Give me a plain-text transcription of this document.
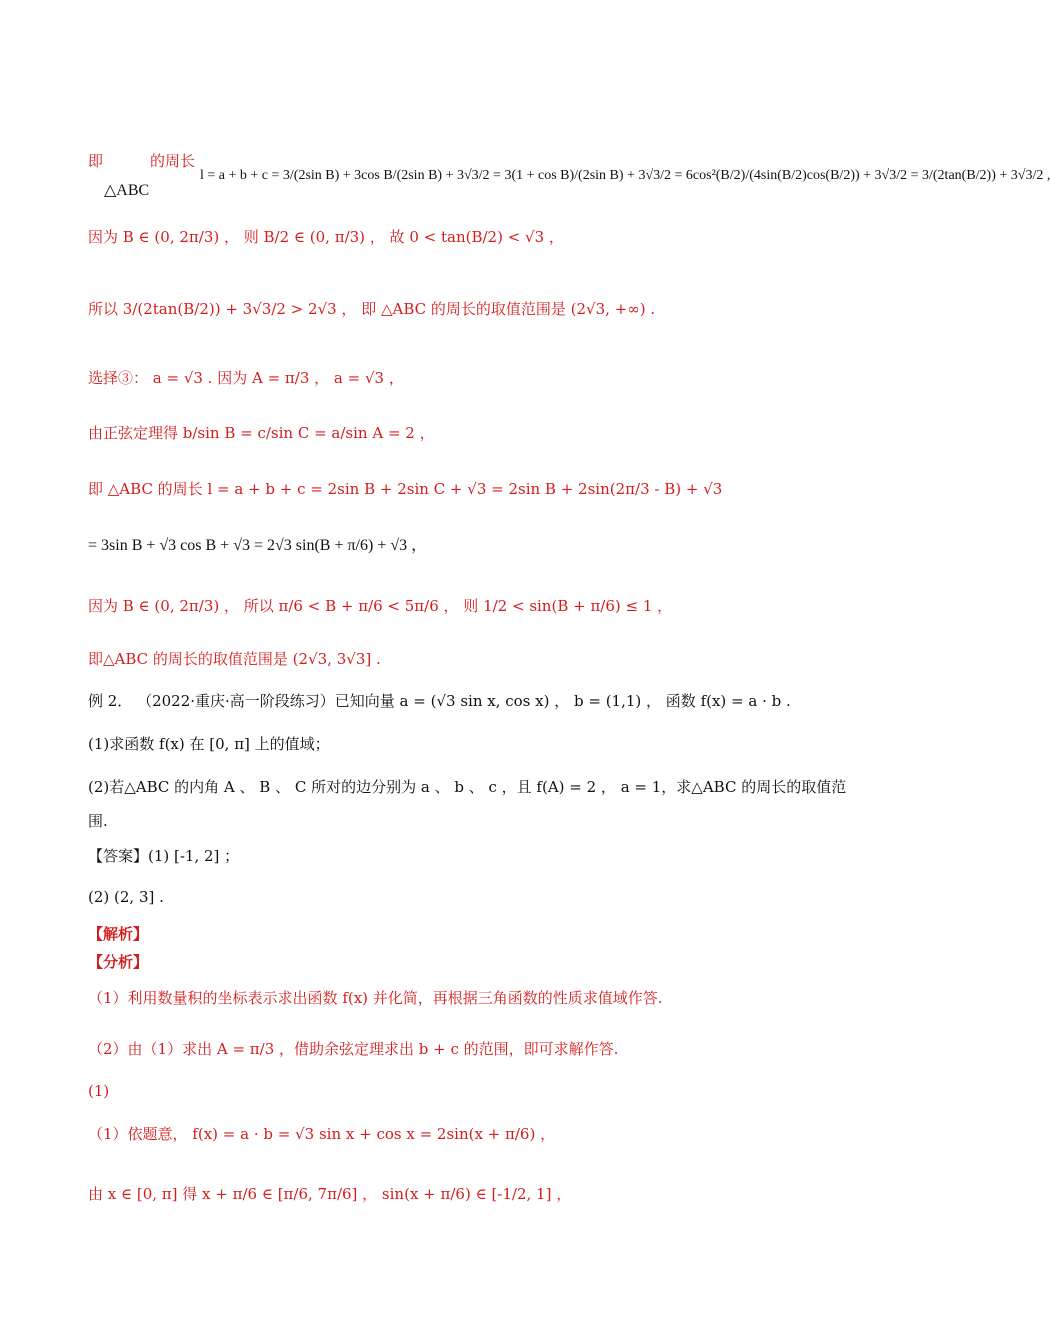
即
△ABC
的周长
l = a + b + c = 3/(2sin B) + 3cos B/(2sin B) + 3√3/2 = 3(1 + cos B)/(2sin B) + 3√3/2 = 6cos²(B/2)/(4sin(B/2)cos(B/2)) + 3√3/2 = 3/(2tan(B/2)) + 3√3/2 ,
因为 B ∈ (0, 2π/3) ， 则 B/2 ∈ (0, π/3) ， 故 0 < tan(B/2) < √3 ，
所以 3/(2tan(B/2)) + 3√3/2 > 2√3 ， 即 △ABC 的周长的取值范围是 (2√3, +∞) .
选择③： a = √3 . 因为 A = π/3 ， a = √3 ，
由正弦定理得 b/sin B = c/sin C = a/sin A = 2 ，
即 △ABC 的周长 l = a + b + c = 2sin B + 2sin C + √3 = 2sin B + 2sin(2π/3 - B) + √3
= 3sin B + √3 cos B + √3 = 2√3 sin(B + π/6) + √3 ，
因为 B ∈ (0, 2π/3) ， 所以 π/6 < B + π/6 < 5π/6 ， 则 1/2 < sin(B + π/6) ≤ 1 ，
即△ABC 的周长的取值范围是 (2√3, 3√3] .
例 2． （2022·重庆·高一阶段练习）已知向量 a = (√3 sin x, cos x) ， b = (1,1) ， 函数 f(x) = a · b .
(1)求函数 f(x) 在 [0, π] 上的值域；
(2)若△ABC 的内角 A 、 B 、 C 所对的边分别为 a 、 b 、 c ，且 f(A) = 2 ， a = 1，求△ABC 的周长的取值范
围.
【答案】(1) [-1, 2] ；
(2) (2, 3] .
【解析】
【分析】
（1）利用数量积的坐标表示求出函数 f(x) 并化简，再根据三角函数的性质求值域作答.
（2）由（1）求出 A = π/3 ，借助余弦定理求出 b + c 的范围，即可求解作答.
(1)
（1）依题意， f(x) = a · b = √3 sin x + cos x = 2sin(x + π/6) ，
由 x ∈ [0, π] 得 x + π/6 ∈ [π/6, 7π/6] ， sin(x + π/6) ∈ [-1/2, 1] ，
